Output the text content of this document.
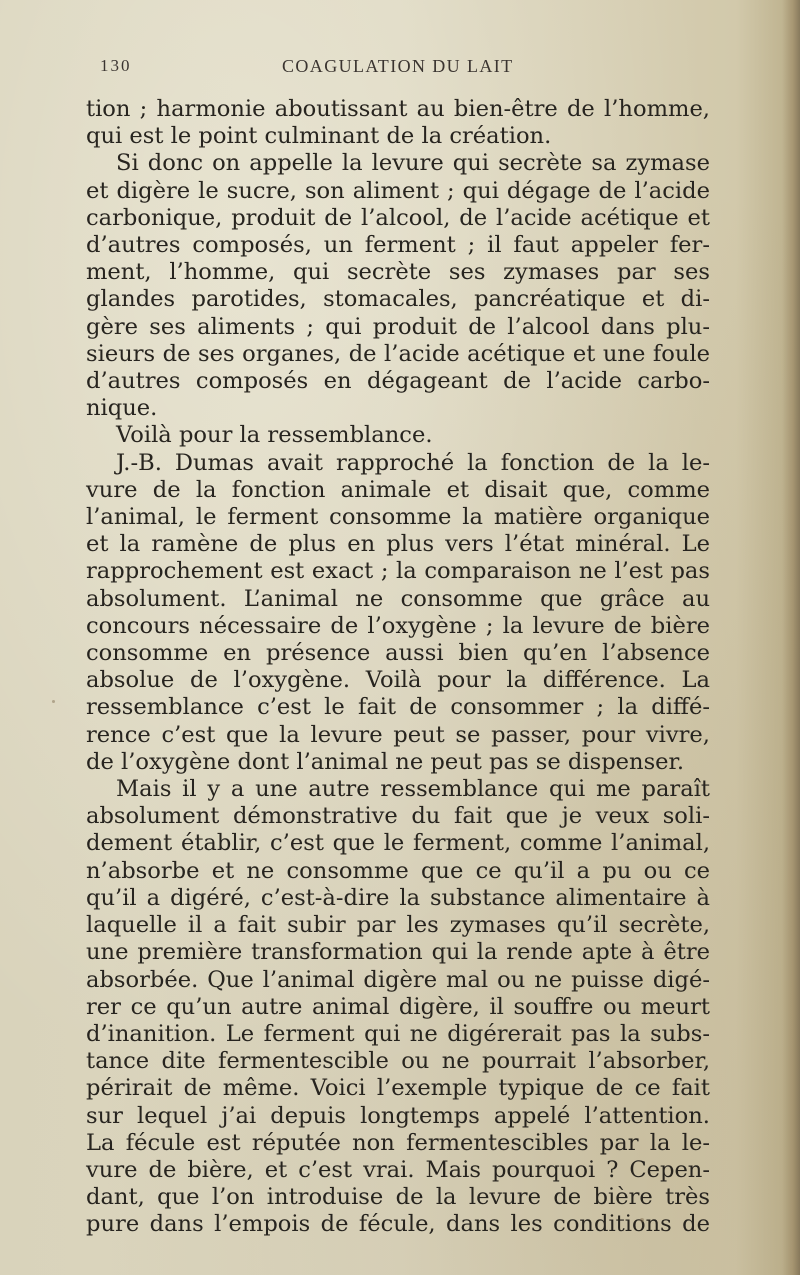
130	COAGULATION DU LAIT
tion ; harmonie aboutissant au bien-être de l’homme,
qui est le point culminant de la création.
Si donc on appelle la levure qui secrète sa zymase
et digère le sucre, son aliment ; qui dégage de l’acide
carbonique, produit de l’alcool, de l’acide acétique et
d’autres composés, un ferment ; il faut appeler fer-
ment, l’homme, qui secrète ses zymases par ses
glandes parotides, stomacales, pancréatique et di-
gère ses aliments ; qui produit de l’alcool dans plu-
sieurs de ses organes, de l’acide acétique et une foule
d’autres composés en dégageant de l’acide carbo-
nique.
Voilà pour la ressemblance.
J.-B. Dumas avait rapproché la fonction de la le-
vure de la fonction animale et disait que, comme
l’animal, le ferment consomme la matière organique
et la ramène de plus en plus vers l’état minéral. Le
rapprochement est exact ; la comparaison ne l’est pas
absolument. L’animal ne consomme que grâce au
concours nécessaire de l’oxygène ; la levure de bière
consomme en présence aussi bien qu’en l’absence
absolue de l’oxygène. Voilà pour la différence. La
ressemblance c’est le fait de consommer ; la diffé-
rence c’est que la levure peut se passer, pour vivre,
de l’oxygène dont l’animal ne peut pas se dispenser.
Mais il y a une autre ressemblance qui me paraît
absolument démonstrative du fait que je veux soli-
dement établir, c’est que le ferment, comme l’animal,
n’absorbe et ne consomme que ce qu’il a pu ou ce
qu’il a digéré, c’est-à-dire la substance alimentaire à
laquelle il a fait subir par les zymases qu’il secrète,
une première transformation qui la rende apte à être
absorbée. Que l’animal digère mal ou ne puisse digé-
rer ce qu’un autre animal digère, il souffre ou meurt
d’inanition. Le ferment qui ne digérerait pas la subs-
tance dite fermentescible ou ne pourrait l’absorber,
périrait de même. Voici l’exemple typique de ce fait
sur lequel j’ai depuis longtemps appelé l’attention.
La fécule est réputée non fermentescibles par la le-
vure de bière, et c’est vrai. Mais pourquoi ? Cepen-
dant, que l’on introduise de la levure de bière très
pure dans l’empois de fécule, dans les conditions de
